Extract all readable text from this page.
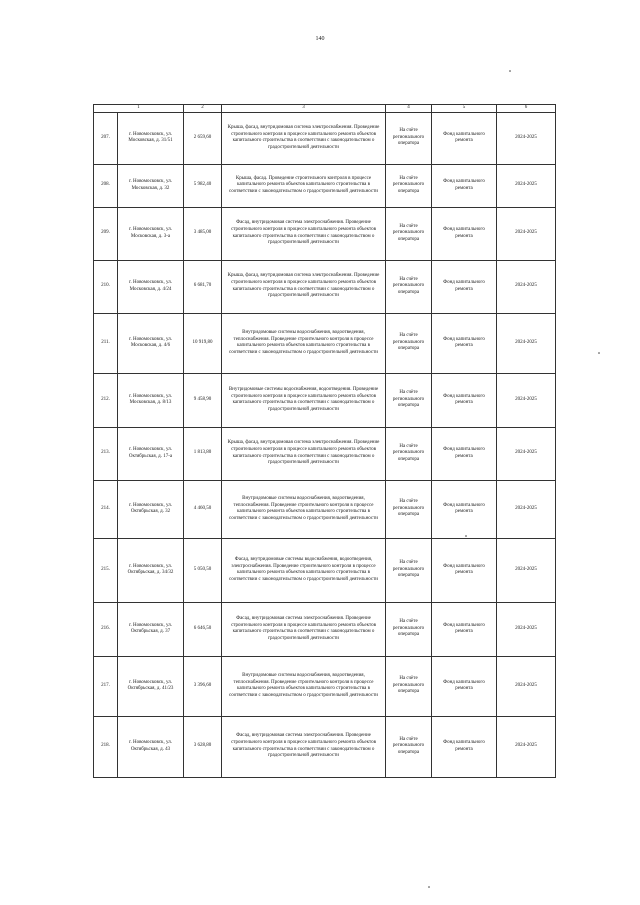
140
1		2	3	4	5	6
207.	г. Новомосковск, ул. Московская, д. 31/51	2 659,60	Крыша, фасад, внутридомовая система электроснабжения. Проведение строительного контроля в процессе капитального ремонта объектов капитального строительства в соответствии с законодательством о градостроительной деятельности	На счёте регионального оператора	Фонд капитального ремонта	2024-2025
208.	г. Новомосковск, ул. Московская, д. 32	5 982,40	Крыша, фасад. Проведение строительного контроля в процессе капитального ремонта объектов капитального строительства в соответствии с законодательством о градостроительной деятельности	На счёте регионального оператора	Фонд капитального ремонта	2024-2025
209.	г. Новомосковск, ул. Московская, д. 3-а	3 485,00	Фасад, внутридомовая система электроснабжения. Проведение строительного контроля в процессе капитального ремонта объектов капитального строительства в соответствии с законодательством о градостроительной деятельности	На счёте регионального оператора	Фонд капитального ремонта	2024-2025
210.	г. Новомосковск, ул. Московская, д. 4/24	6 681,70	Крыша, фасад, внутридомовая система электроснабжения. Проведение строительного контроля в процессе капитального ремонта объектов капитального строительства в соответствии с законодательством о градостроительной деятельности	На счёте регионального оператора	Фонд капитального ремонта	2024-2025
211.	г. Новомосковск, ул. Московская, д. 4/6	10 919,80	Внутридомовые системы водоснабжения, водоотведения, теплоснабжения. Проведение строительного контроля в процессе капитального ремонта объектов капитального строительства в соответствии с законодательством о градостроительной деятельности	На счёте регионального оператора	Фонд капитального ремонта	2024-2025
212.	г. Новомосковск, ул. Московская, д. 8/13	9 458,90	Внутридомовые системы водоснабжения, водоотведения. Проведение строительного контроля в процессе капитального ремонта объектов капитального строительства в соответствии с законодательством о градостроительной деятельности	На счёте регионального оператора	Фонд капитального ремонта	2024-2025
213.	г. Новомосковск, ул. Октябрьская, д. 17-а	1 813,80	Крыша, фасад, внутридомовая система электроснабжения. Проведение строительного контроля в процессе капитального ремонта объектов капитального строительства в соответствии с законодательством о градостроительной деятельности	На счёте регионального оператора	Фонд капитального ремонта	2024-2025
214.	г. Новомосковск, ул. Октябрьская, д. 32	4 460,50	Внутридомовые системы водоснабжения, водоотведения, теплоснабжения. Проведение строительного контроля в процессе капитального ремонта объектов капитального строительства в соответствии с законодательством о градостроительной деятельности	На счёте регионального оператора	Фонд капитального ремонта	2024-2025
215.	г. Новомосковск, ул. Октябрьская, д. 34/32	5 050,50	Фасад, внутридомовые системы водоснабжения, водоотведения, электроснабжения. Проведение строительного контроля в процессе капитального ремонта объектов капитального строительства в соответствии с законодательством о градостроительной деятельности	На счёте регионального оператора	Фонд капитального ремонта	2024-2025
216.	г. Новомосковск, ул. Октябрьская, д. 37	6 646,50	Фасад, внутридомовая система электроснабжения. Проведение строительного контроля в процессе капитального ремонта объектов капитального строительства в соответствии с законодательством о градостроительной деятельности	На счёте регионального оператора	Фонд капитального ремонта	2024-2025
217.	г. Новомосковск, ул. Октябрьская, д. 41/23	3 396,60	Внутридомовые системы водоснабжения, водоотведения, теплоснабжения. Проведение строительного контроля в процессе капитального ремонта объектов капитального строительства в соответствии с законодательством о градостроительной деятельности	На счёте регионального оператора	Фонд капитального ремонта	2024-2025
218.	г. Новомосковск, ул. Октябрьская, д. 43	3 628,80	Фасад, внутридомовая система электроснабжения. Проведение строительного контроля в процессе капитального ремонта объектов капитального строительства в соответствии с законодательством о градостроительной деятельности	На счёте регионального оператора	Фонд капитального ремонта	2024-2025
